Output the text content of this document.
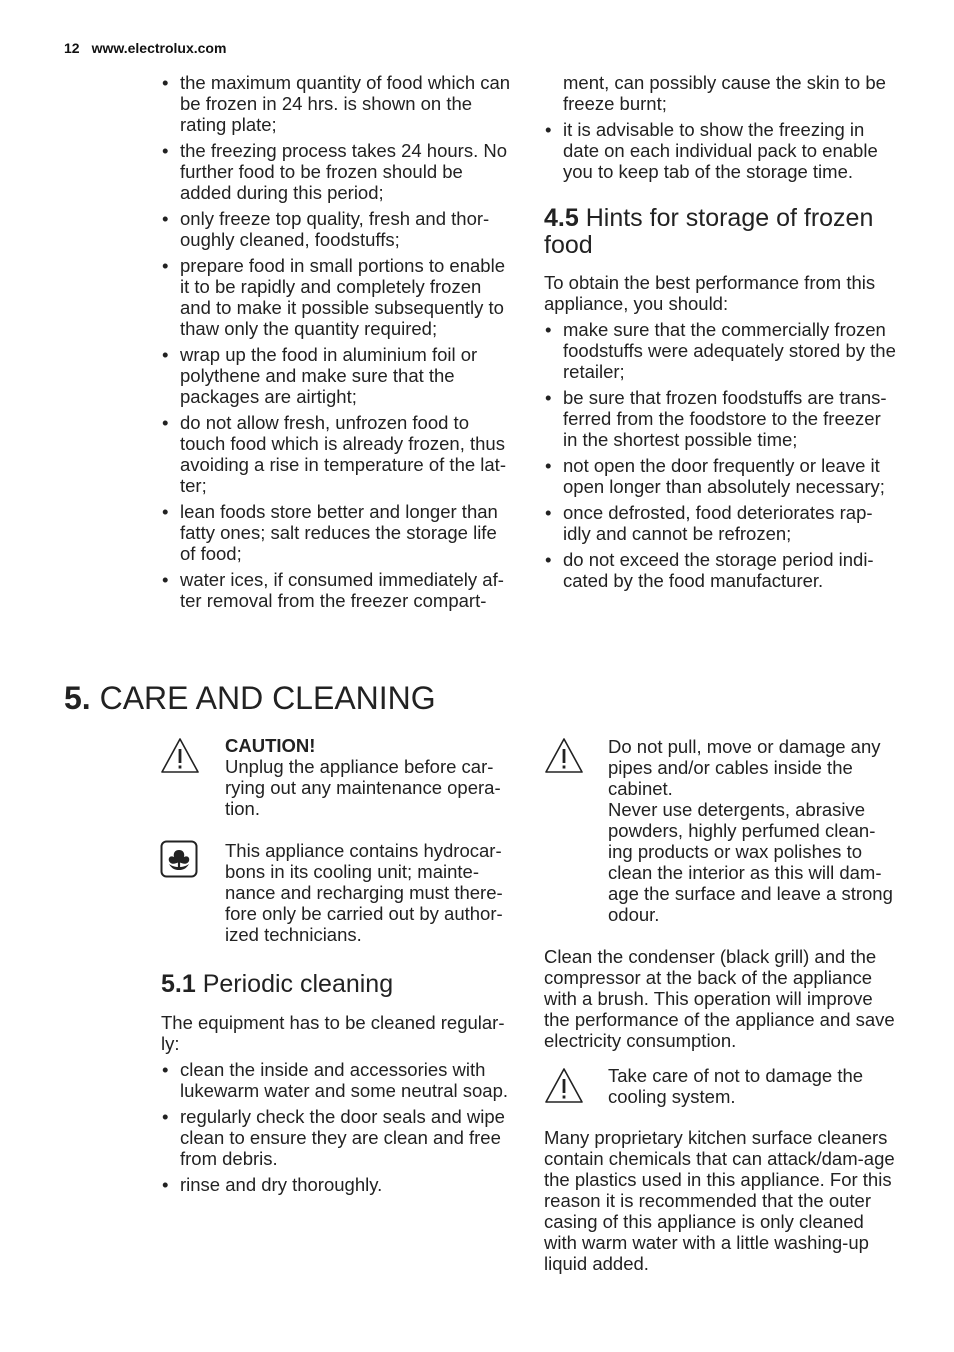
12 www.electrolux.com
• the maximum quantity of food which can be frozen in 24 hrs. is shown on the rating plate;
• the freezing process takes 24 hours. No further food to be frozen should be added during this period;
• only freeze top quality, fresh and thor-oughly cleaned, foodstuffs;
• prepare food in small portions to enable it to be rapidly and completely frozen and to make it possible subsequently to thaw only the quantity required;
• wrap up the food in aluminium foil or polythene and make sure that the packages are airtight;
• do not allow fresh, unfrozen food to touch food which is already frozen, thus avoiding a rise in temperature of the lat-ter;
• lean foods store better and longer than fatty ones; salt reduces the storage life of food;
• water ices, if consumed immediately af-ter removal from the freezer compart-

ment, can possibly cause the skin to be freeze burnt;

• it is advisable to show the freezing in date on each individual pack to enable you to keep tab of the storage time.
4.5 Hints for storage of frozen food

To obtain the best performance from this appliance, you should:

• make sure that the commercially frozen foodstuffs were adequately stored by the retailer;
• be sure that frozen foodstuffs are trans-ferred from the foodstore to the freezer in the shortest possible time;
• not open the door frequently or leave it open longer than absolutely necessary;
• once defrosted, food deteriorates rap-idly and cannot be refrozen;
• do not exceed the storage period indi-cated by the food manufacturer.
5. CARE AND CLEANING
CAUTION!
Unplug the appliance before car-rying out any maintenance opera-tion.
This appliance contains hydrocar-bons in its cooling unit; mainte-nance and recharging must there-fore only be carried out by author-ized technicians.
5.1 Periodic cleaning

The equipment has to be cleaned regular-ly:

• clean the inside and accessories with lukewarm water and some neutral soap.
• regularly check the door seals and wipe clean to ensure they are clean and free from debris.
• rinse and dry thoroughly.
Do not pull, move or damage any pipes and/or cables inside the cabinet.
Never use detergents, abrasive powders, highly perfumed clean-ing products or wax polishes to clean the interior as this will dam-age the surface and leave a strong odour.

Clean the condenser (black grill) and the compressor at the back of the appliance with a brush. This operation will improve the performance of the appliance and save electricity consumption.

Take care of not to damage the cooling system.

Many proprietary kitchen surface cleaners contain chemicals that can attack/dam-age the plastics used in this appliance. For this reason it is recommended that the outer casing of this appliance is only cleaned with warm water with a little washing-up liquid added.
